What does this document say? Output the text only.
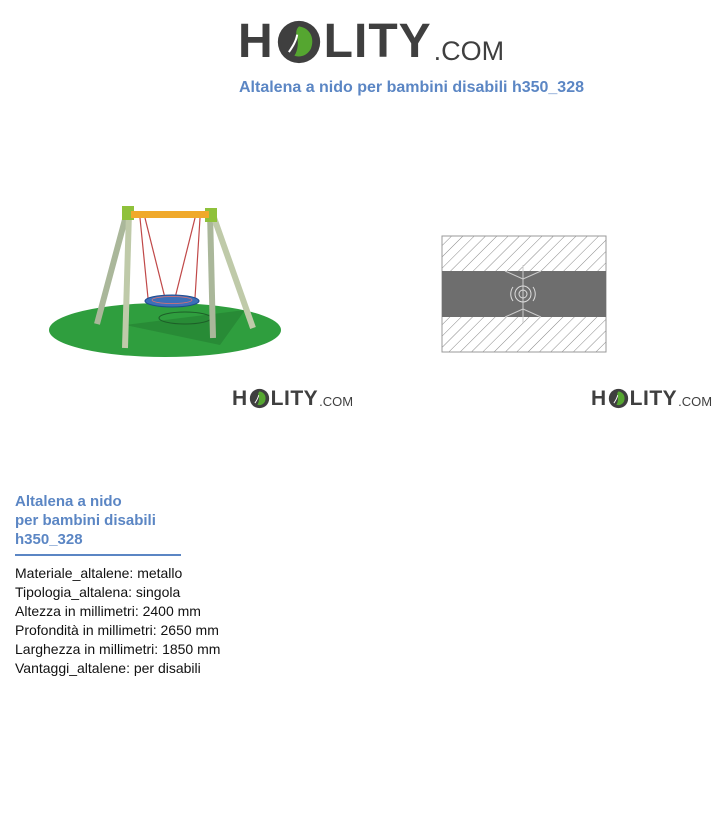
H LITY .COM
Altalena a nido per bambini disabili h350_328
H LITY .COM	H LITY .COM
Altalena a nido
per bambini disabili
h350_328
Materiale_altalene: metallo
Tipologia_altalena: singola
Altezza in millimetri: 2400 mm
Profondità in millimetri: 2650 mm
Larghezza in millimetri: 1850 mm
Vantaggi_altalene: per disabili
